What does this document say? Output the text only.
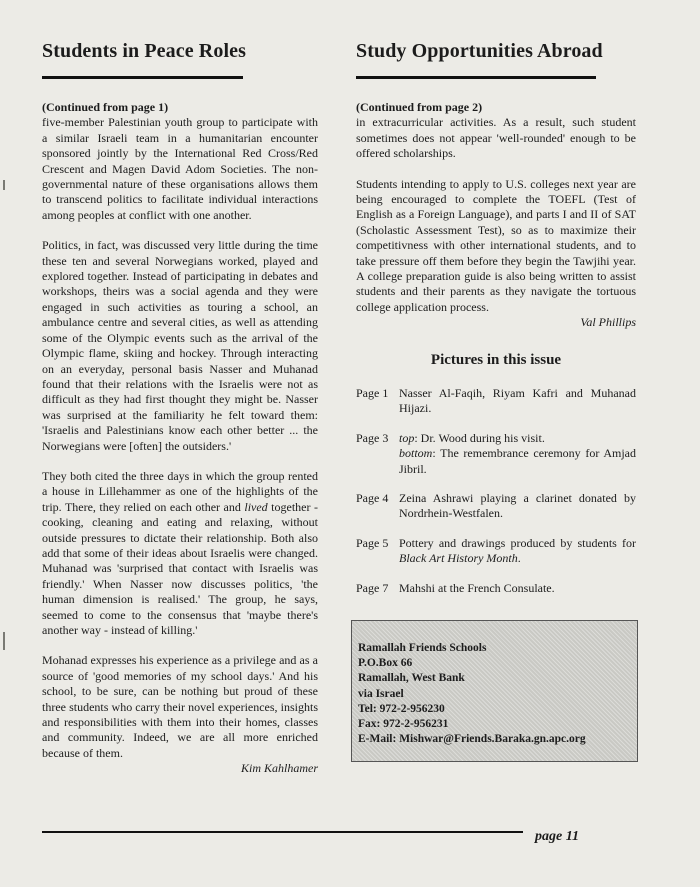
Students in Peace Roles

(Continued from page 1)
five-member Palestinian youth group to participate with a similar Israeli team in a humanitarian encounter sponsored jointly by the International Red Cross/Red Crescent and Magen David Adom Societies. The non-governmental nature of these organisations allows them to transcend politics to facilitate individual interactions among peoples at conflict with one another.

Politics, in fact, was discussed very little during the time these ten and several Norwegians worked, played and explored together. Instead of participating in debates and workshops, theirs was a social agenda and they were engaged in such activities as touring a school, an ambulance centre and several cities, as well as attending some of the Olympic events such as the arrival of the Olympic flame, skiing and hockey. Through interacting on an everyday, personal basis Nasser and Muhanad found that their relations with the Israelis were not as difficult as they had first thought they might be. Nasser was surprised at the familiarity he felt toward them: 'Israelis and Palestinians know each other better ... the Norwegians were [often] the outsiders.'

They both cited the three days in which the group rented a house in Lillehammer as one of the highlights of the trip. There, they relied on each other and lived together - cooking, cleaning and eating and relaxing, without outside pressures to dictate their relationship. Both also add that some of their ideas about Israelis were changed. Muhanad was 'surprised that contact with Israelis was friendly.' When Nasser now discusses politics, 'the human dimension is realised.' The group, he says, seemed to come to the consensus that 'maybe there's another way - instead of killing.'

Mohanad expresses his experience as a privilege and as a source of 'good memories of my school days.' And his school, to be sure, can be nothing but proud of these three students who carry their novel experiences, insights and responsibilities with them into their homes, classes and community. Indeed, we are all more enriched because of them.
Kim Kahlhamer

Study Opportunities Abroad

(Continued from page 2)
in extracurricular activities. As a result, such student sometimes does not appear 'well-rounded' enough to be offered scholarships.

Students intending to apply to U.S. colleges next year are being encouraged to complete the TOEFL (Test of English as a Foreign Language), and parts I and II of SAT (Scholastic Assessment Test), so as to maximize their competitivness with other international students, and to take pressure off them before they begin the Tawjihi year. A college preparation guide is also being written to assist students and their parents as they navigate the tortuous college application process.
Val Phillips

Pictures in this issue
Page 1 Nasser Al-Faqih, Riyam Kafri and Muhanad Hijazi.
Page 3 top: Dr. Wood during his visit.
bottom: The remembrance ceremony for Amjad Jibril.
Page 4 Zeina Ashrawi playing a clarinet donated by Nordrhein-Westfalen.
Page 5 Pottery and drawings produced by students for Black Art History Month.
Page 7 Mahshi at the French Consulate.
Ramallah Friends Schools
P.O.Box 66
Ramallah, West Bank
via Israel
Tel: 972-2-956230
Fax: 972-2-956231
E-Mail: Mishwar@Friends.Baraka.gn.apc.org
page 11
